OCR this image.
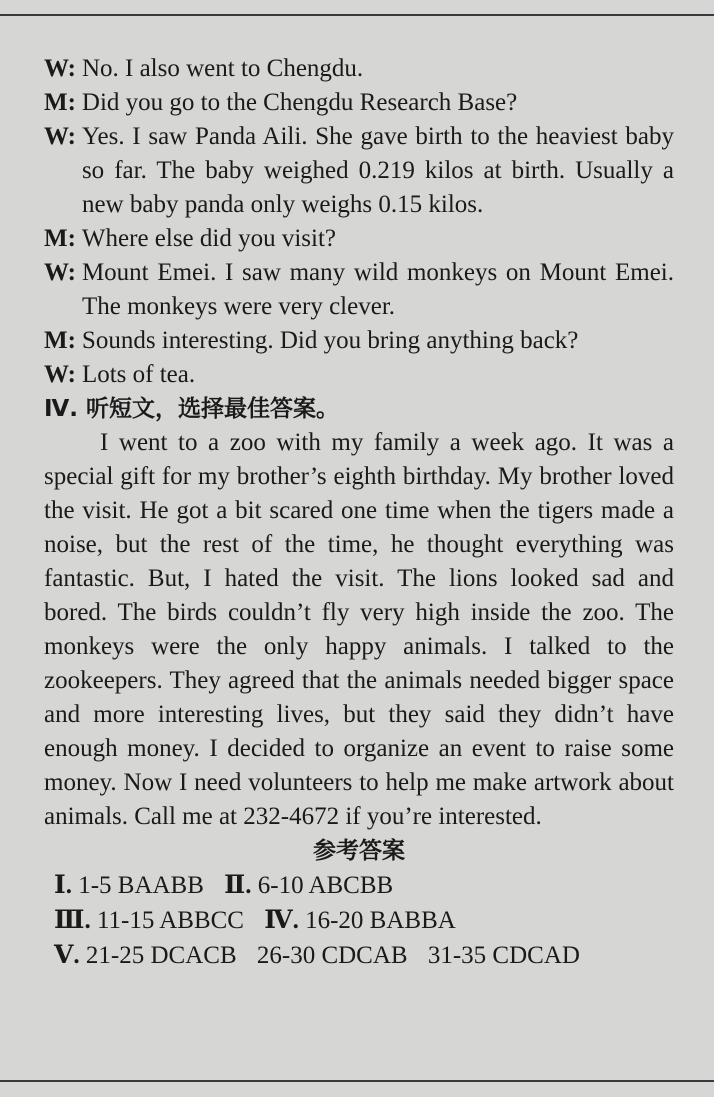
W: No. I also went to Chengdu.
M: Did you go to the Chengdu Research Base?
W: Yes. I saw Panda Aili. She gave birth to the heaviest baby so far. The baby weighed 0.219 kilos at birth. Usually a new baby panda only weighs 0.15 kilos.
M: Where else did you visit?
W: Mount Emei. I saw many wild monkeys on Mount Emei. The monkeys were very clever.
M: Sounds interesting. Did you bring anything back?
W: Lots of tea.
Ⅳ. 听短文，选择最佳答案。
I went to a zoo with my family a week ago. It was a special gift for my brother’s eighth birthday. My brother loved the visit. He got a bit scared one time when the tigers made a noise, but the rest of the time, he thought everything was fantastic. But, I hated the visit. The lions looked sad and bored. The birds couldn’t fly very high inside the zoo. The monkeys were the only happy animals. I talked to the zookeepers. They agreed that the animals needed bigger space and more interesting lives, but they said they didn’t have enough money. I decided to organize an event to raise some money. Now I need volunteers to help me make artwork about animals. Call me at 232-4672 if you’re interested.
参考答案
Ⅰ. 1-5 BAABB Ⅱ. 6-10 ABCBB
Ⅲ. 11-15 ABBCC Ⅳ. 16-20 BABBA
Ⅴ. 21-25 DCACB 26-30 CDCAB 31-35 CDCAD
